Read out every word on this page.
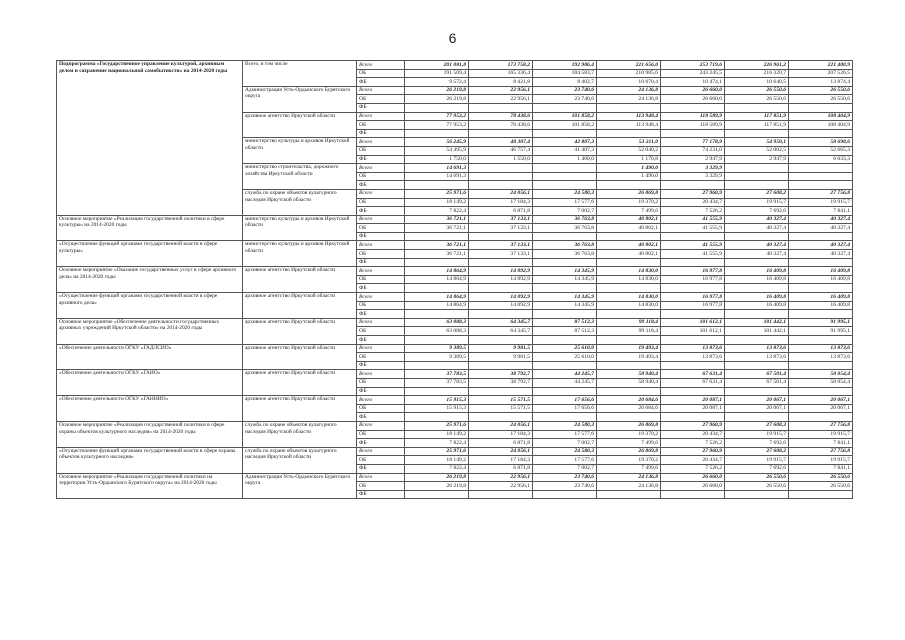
6
Подпрограмма «Государственное управление культурой, архивным делом и сохранение национальной самобытности» на 2014-2020 годы	Всего, в том числе	Всего	201 081,8	173 758,2	192 986,4	221 656,0	253 719,6	226 961,2	221 400,9
		ОБ	191 509,4	165 336,4	184 583,7	210 985,6	243 245,5	216 320,7	207 526,5
		ФБ	9 572,4	8 421,8	8 402,7	10 670,4	10 474,1	10 640,5	13 874,4
	Администрация Усть-Ордынского Бурятского округа	Всего	26 219,8	22 956,1	23 740,6	24 136,8	26 660,0	26 550,6	26 550,6
		ОБ	26 219,8	22 956,1	23 740,6	24 136,8	26 660,0	26 550,6	26 550,6
		ФБ							
	архивное агентство Иркутской области	Всего	77 953,2	78 438,6	101 858,2	113 948,4	118 589,9	117 851,9	108 404,9
		ОБ	77 953,2	78 438,6	101 858,2	113 948,4	118 589,9	117 851,9	108 404,9
		ФБ							
	министерство культуры и архивов Иркутской области	Всего	56 245,9	48 307,4	42 807,3	53 211,0	77 178,9	54 950,1	58 698,6
		ОБ	54 495,9	46 757,4	41 407,3	52 040,2	74 231,0	52 002,5	52 665,3
		ФБ	1 750,0	1 550,0	1 400,0	1 170,8	2 947,9	2 947,9	6 033,3
	министерство строительства, дорожного хозяйства Иркутской области	Всего	14 691,3			1 490,0	3 329,9		
		ОБ	14 691,3			1 490,0	3 329,9		
		ФБ							
	служба по охране объектов культурного наследия Иркутской области	Всего	25 971,6	24 056,1	24 580,3	26 869,8	27 960,9	27 608,2	27 756,8
		ОБ	18 149,2	17 184,3	17 577,6	19 370,2	20 434,7	19 915,7	19 915,7
		ФБ	7 822,4	6 871,8	7 002,7	7 499,6	7 526,2	7 692,6	7 841,1
Основное мероприятие «Реализация государственной политики в сфере культуры» на 2014-2020 годы	министерство культуры и архивов Иркутской области	Всего	36 721,1	37 133,1	36 763,8	40 802,1	41 555,9	40 327,4	40 327,4
		ОБ	36 721,1	37 133,1	36 763,8	40 802,1	41 555,9	40 327,4	40 327,4
		ФБ							
«Осуществление функций органами государственной власти в сфере культуры»	министерство культуры и архивов Иркутской области	Всего	36 721,1	37 133,1	36 763,8	40 802,1	41 555,9	40 327,4	40 327,4
		ОБ	36 721,1	37 133,1	36 763,8	40 802,1	41 555,9	40 327,4	40 327,4
		ФБ							
Основное мероприятие «Оказание государственных услуг в сфере архивного дела» на 2014-2020 годы	архивное агентство Иркутской области	Всего	14 864,9	14 092,9	14 345,9	14 830,0	16 977,8	16 409,8	16 409,8
		ОБ	14 864,9	14 092,9	14 345,9	14 830,0	16 977,8	16 409,8	16 409,8
		ФБ							
«Осуществление функций органами государственной власти в сфере архивного дела»	архивное агентство Иркутской области	Всего	14 864,9	14 092,9	14 345,9	14 830,0	16 977,8	16 409,8	16 409,8
		ОБ	14 864,9	14 092,9	14 345,9	14 830,0	16 977,8	16 409,8	16 409,8
		ФБ							
Основное мероприятие «Обеспечение деятельности государственных архивных учреждений Иркутской области» на 2014-2020 годы	архивное агентство Иркутской области	Всего	63 088,3	64 345,7	87 512,3	99 118,4	101 612,1	101 442,1	91 995,1
		ОБ	63 088,3	64 345,7	87 512,3	99 118,4	101 612,1	101 442,1	91 995,1
		ФБ							
«Обеспечение деятельности ОГКУ «ГАДЛСИО»	архивное агентство Иркутской области	Всего	9 389,5	9 981,5	25 610,0	19 493,4	13 873,6	13 873,6	13 873,6
		ОБ	9 389,5	9 981,5	25 610,0	19 493,4	13 873,6	13 873,6	13 873,6
		ФБ							
«Обеспечение деятельности ОГКУ «ГАИО»	архивное агентство Иркутской области	Всего	37 783,5	38 792,7	44 245,7	58 940,4	67 631,4	67 501,4	58 054,4
		ОБ	37 783,5	38 792,7	44 245,7	58 940,4	67 631,4	67 501,4	58 054,4
		ФБ							
«Обеспечение деятельности ОГКУ «ГАНИИО»	архивное агентство Иркутской области	Всего	15 915,3	15 571,5	17 656,6	20 684,6	20 087,1	20 067,1	20 067,1
		ОБ	15 915,3	15 571,5	17 656,6	20 684,6	20 087,1	20 067,1	20 067,1
		ФБ							
Основное мероприятие «Реализация государственной политики в сфере охраны объектов культурного наследия» на 2014-2020 годы	служба по охране объектов культурного наследия Иркутской области	Всего	25 971,6	24 056,1	24 580,3	26 869,8	27 960,9	27 608,3	27 756,8
		ОБ	18 149,2	17 184,3	17 577,6	19 370,2	20 434,7	19 915,7	19 915,7
		ФБ	7 822,4	6 871,8	7 002,7	7 499,6	7 526,2	7 692,6	7 841,1
«Осуществление функций органами государственной власти в сфере охраны объектов культурного наследия»	служба по охране объектов культурного наследия Иркутской области	Всего	25 971,6	24 056,1	24 580,3	26 869,8	27 960,9	27 608,2	27 756,8
		ОБ	18 149,2	17 184,3	17 577,6	19 370,2	20 434,7	19 915,7	19 915,7
		ФБ	7 822,4	6 871,8	7 002,7	7 499,6	7 526,2	7 692,6	7 841,1
Основное мероприятие «Реализация государственной политики на территории Усть-Ордынского Бурятского округа» на 2014-2020 годы	Администрация Усть-Ордынского Бурятского округа	Всего	26 219,8	22 956,1	23 740,6	24 136,8	26 660,0	26 550,6	26 550,6
		ОБ	26 219,8	22 956,1	23 740,6	24 136,8	26 660,0	26 550,6	26 550,6
		ФБ							
